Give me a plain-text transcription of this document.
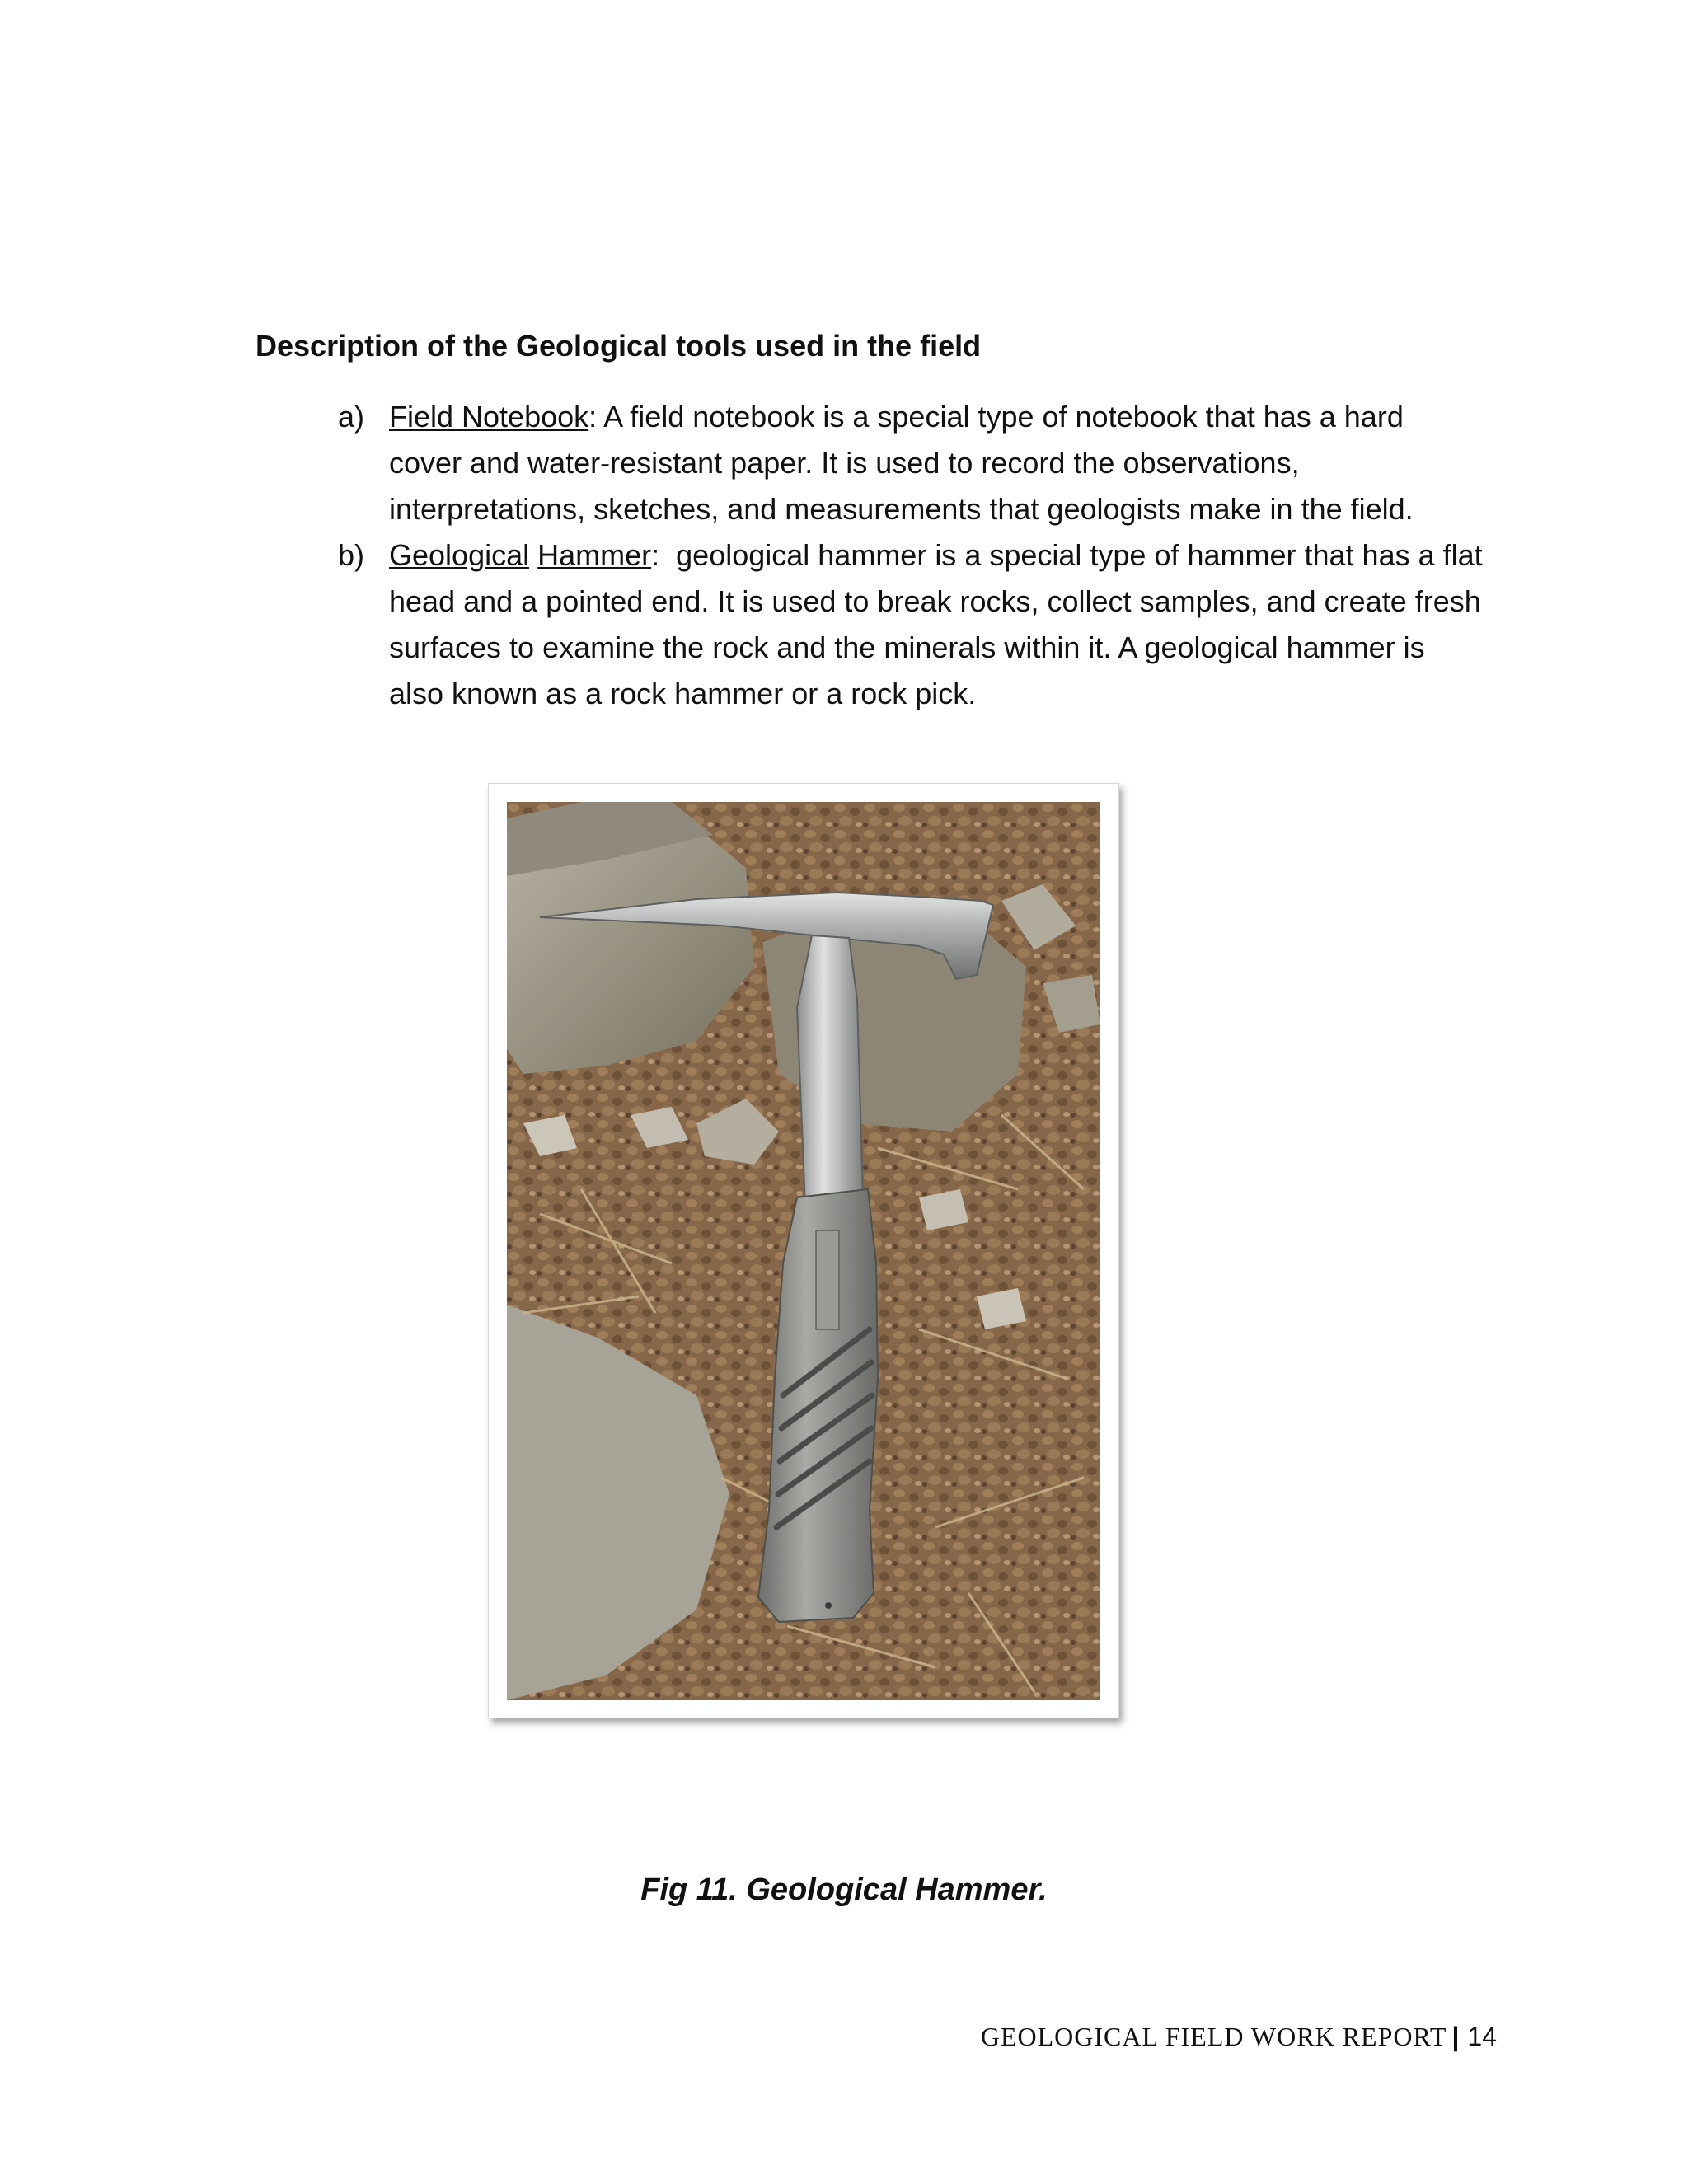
Description of the Geological tools used in the field
a) Field Notebook: A field notebook is a special type of notebook that has a hard cover and water-resistant paper. It is used to record the observations, interpretations, sketches, and measurements that geologists make in the field.
b) Geological Hammer:  geological hammer is a special type of hammer that has a flat head and a pointed end. It is used to break rocks, collect samples, and create fresh surfaces to examine the rock and the minerals within it. A geological hammer is also known as a rock hammer or a rock pick.
Fig 11. Geological Hammer.
GEOLOGICAL FIELD WORK REPORT | 14
